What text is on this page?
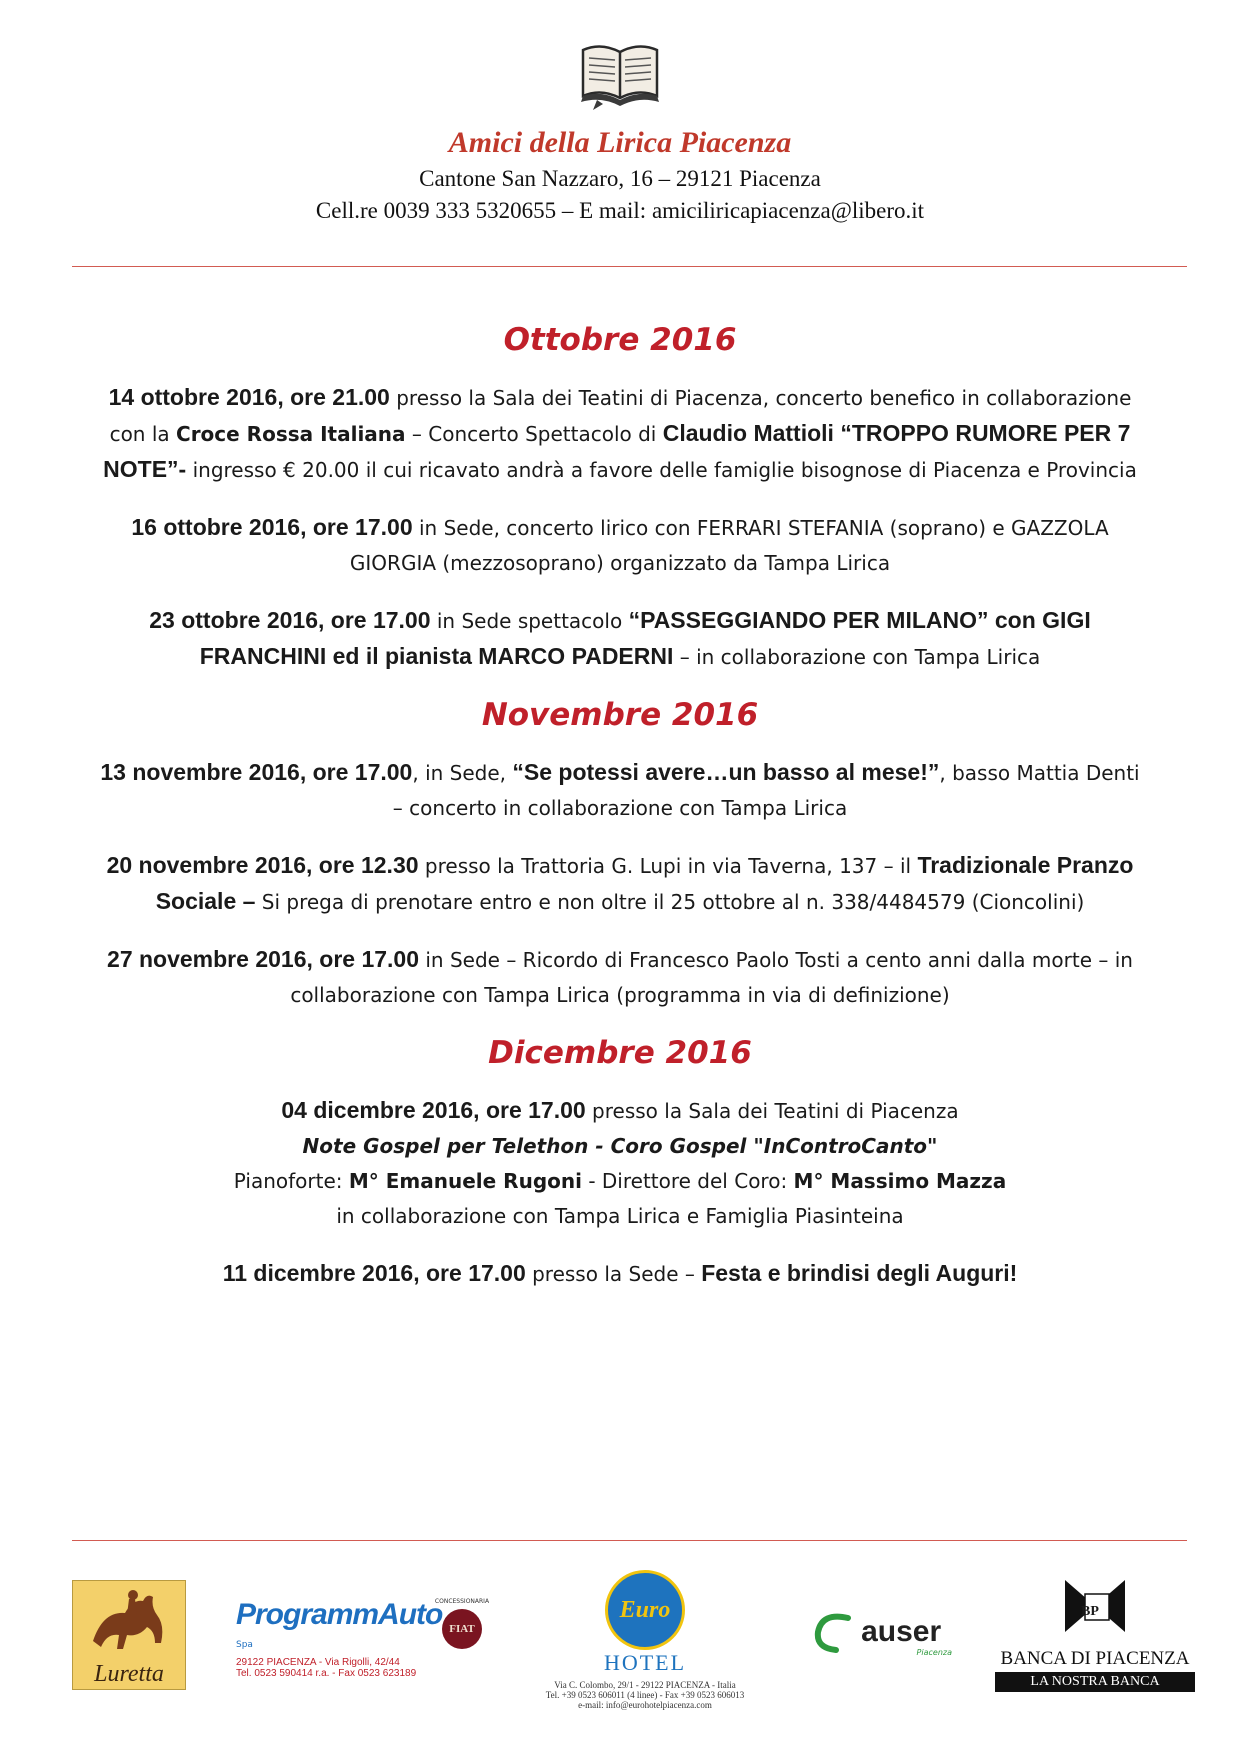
Amici della Lirica Piacenza
Cantone San Nazzaro, 16 – 29121 Piacenza
Cell.re 0039 333 5320655 – E mail: amiciliricapiacenza@libero.it
Ottobre 2016

14 ottobre 2016, ore 21.00 presso la Sala dei Teatini di Piacenza, concerto benefico in collaborazione con la Croce Rossa Italiana – Concerto Spettacolo di Claudio Mattioli “TROPPO RUMORE PER 7 NOTE”- ingresso € 20.00 il cui ricavato andrà a favore delle famiglie bisognose di Piacenza e Provincia

16 ottobre 2016, ore 17.00 in Sede, concerto lirico con FERRARI STEFANIA (soprano) e GAZZOLA GIORGIA (mezzosoprano) organizzato da Tampa Lirica

23 ottobre 2016, ore 17.00 in Sede spettacolo “PASSEGGIANDO PER MILANO” con GIGI FRANCHINI ed il pianista MARCO PADERNI – in collaborazione con Tampa Lirica

Novembre 2016

13 novembre 2016, ore 17.00, in Sede, “Se potessi avere…un basso al mese!”, basso Mattia Denti – concerto in collaborazione con Tampa Lirica

20 novembre 2016, ore 12.30 presso la Trattoria G. Lupi in via Taverna, 137 – il Tradizionale Pranzo Sociale – Si prega di prenotare entro e non oltre il 25 ottobre al n. 338/4484579 (Cioncolini)

27 novembre 2016, ore 17.00 in Sede – Ricordo di Francesco Paolo Tosti a cento anni dalla morte – in collaborazione con Tampa Lirica (programma in via di definizione)

Dicembre 2016

04 dicembre 2016, ore 17.00 presso la Sala dei Teatini di Piacenza
Note Gospel per Telethon - Coro Gospel "InControCanto"
Pianoforte: M° Emanuele Rugoni - Direttore del Coro: M° Massimo Mazza
in collaborazione con Tampa Lirica e Famiglia Piasinteina

11 dicembre 2016, ore 17.00 presso la Sede – Festa e brindisi degli Auguri!

Luretta
ProgrammAuto Spa
29122 PIACENZA - Via Rigolli, 42/44
Tel. 0523 590414 r.a. - Fax 0523 623189
CONCESSIONARIA
FIAT
Euro
HOTEL
Via C. Colombo, 29/1 - 29122 PIACENZA - Italia
Tel. +39 0523 606011 (4 linee) - Fax +39 0523 606013
e-mail: info@eurohotelpiacenza.com
auser
Piacenza
BP
BANCA DI PIACENZA
LA NOSTRA BANCA
